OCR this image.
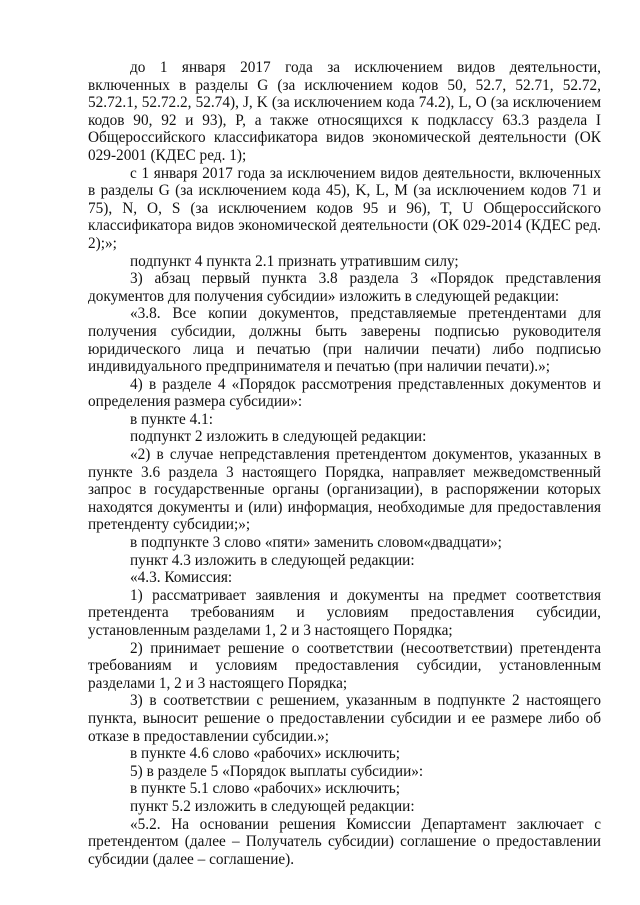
до 1 января 2017 года за исключением видов деятельности, включенных в разделы G (за исключением кодов 50, 52.7, 52.71, 52.72, 52.72.1, 52.72.2, 52.74), J, K (за исключением кода 74.2), L, O (за исключением кодов 90, 92 и 93), P, а также относящихся к подклассу 63.3 раздела I Общероссийского классификатора видов экономической деятельности (ОК 029-2001 (КДЕС ред. 1);

с 1 января 2017 года за исключением видов деятельности, включенных в разделы G (за исключением кода 45), K, L, M (за исключением кодов 71 и 75), N, O, S (за исключением кодов 95 и 96), T, U Общероссийского классификатора видов экономической деятельности (ОК 029-2014 (КДЕС ред. 2);»;

подпункт 4 пункта 2.1 признать утратившим силу;

3) абзац первый пункта 3.8 раздела 3 «Порядок представления документов для получения субсидии» изложить в следующей редакции:

«3.8. Все копии документов, представляемые претендентами для получения субсидии, должны быть заверены подписью руководителя юридического лица и печатью (при наличии печати) либо подписью индивидуального предпринимателя и печатью (при наличии печати).»;

4) в разделе 4 «Порядок рассмотрения представленных документов и определения размера субсидии»:

в пункте 4.1:

подпункт 2 изложить в следующей редакции:

«2) в случае непредставления претендентом документов, указанных в пункте 3.6 раздела 3 настоящего Порядка, направляет межведомственный запрос в государственные органы (организации), в распоряжении которых находятся документы и (или) информация, необходимые для предоставления претенденту субсидии;»;

в подпункте 3 слово «пяти» заменить словом«двадцати»;

пункт 4.3 изложить в следующей редакции:

«4.3. Комиссия:

1) рассматривает заявления и документы на предмет соответствия претендента требованиям и условиям предоставления субсидии, установленным разделами 1, 2 и 3 настоящего Порядка;

2) принимает решение о соответствии (несоответствии) претендента требованиям и условиям предоставления субсидии, установленным разделами 1, 2 и 3 настоящего Порядка;

3) в соответствии с решением, указанным в подпункте 2 настоящего пункта, выносит решение о предоставлении субсидии и ее размере либо об отказе в предоставлении субсидии.»;

в пункте 4.6 слово «рабочих» исключить;

5) в разделе 5 «Порядок выплаты субсидии»:

в пункте 5.1 слово «рабочих» исключить;

пункт 5.2 изложить в следующей редакции:

«5.2. На основании решения Комиссии Департамент заключает с претендентом (далее – Получатель субсидии) соглашение о предоставлении субсидии (далее – соглашение).
